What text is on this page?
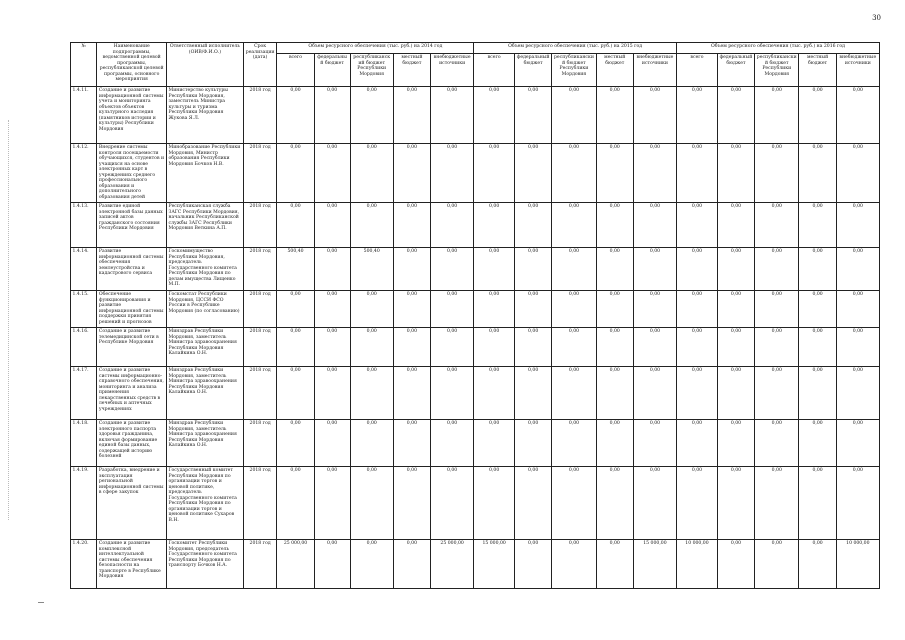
30
№	Наименование подпрограммы, ведомственной целевой программы, республиканской целевой программы, основного мероприятия	Ответственный исполнитель (ОИВ/Ф.И.О.)	Срок реализации (дата)	Объем ресурсного обеспечения (тыс. руб.) на 2014 год					Объем ресурсного обеспечения (тыс. руб.) на 2015 год					Объем ресурсного обеспечения (тыс. руб.) на 2016 год				
				всего	федеральный бюджет	республиканский бюджет Республики Мордовия	местный бюджет	внебюджетные источники	всего	федеральный бюджет	республиканский бюджет Республики Мордовия	местный бюджет	внебюджетные источники	всего	федеральный бюджет	республиканский бюджет Республики Мордовия	местный бюджет	внебюджетные источники
1.4.11.	Создание и развитие информационной системы учета и мониторинга объектов объектов культурного наследия (памятников истории и культуры) Республики Мордовия	Министерство культуры Республики Мордовия, заместитель Министра культуры и туризма Республики Мордовия Жукова Я.Л.	2018 год	0,00	0,00	0,00	0,00	0,00	0,00	0,00	0,00	0,00	0,00	0,00	0,00	0,00	0,00	0,00
1.4.12.	Внедрение системы контроля посещаемости обучающихся, студентов и учащихся на основе электронных карт в учреждениях среднего профессионального образования и дополнительного образования детей	Минобразование Республики Мордовия, Министр образования Республики Мордовия Бочков Н.В.	2018 год	0,00	0,00	0,00	0,00	0,00	0,00	0,00	0,00	0,00	0,00	0,00	0,00	0,00	0,00	0,00
1.4.13.	Развитие единой электронной базы данных записей актов гражданского состояния Республики Мордовия	Республиканская служба ЗАГС Республики Мордовия, начальник Республиканской службы ЗАГС Республики Мордовия Веткина А.П.	2018 год	0,00	0,00	0,00	0,00	0,00	0,00	0,00	0,00	0,00	0,00	0,00	0,00	0,00	0,00	0,00
1.4.14.	Развитие информационной системы обеспечения землеустройства и кадастрового сервиса	Госкомимущество Республики Мордовия, председатель Государственного комитета Республики Мордовия по делам имущества Лищенко М.П.	2018 год	500,40	0,00	500,40	0,00	0,00	0,00	0,00	0,00	0,00	0,00	0,00	0,00	0,00	0,00	0,00
1.4.15.	Обеспечение функционирования и развитие информационной системы поддержки принятия решений и прогнозов	Госкомстат Республики Мордовия, ЦССИ ФСО России в Республике Мордовия (по согласованию)	2018 год	0,00	0,00	0,00	0,00	0,00	0,00	0,00	0,00	0,00	0,00	0,00	0,00	0,00	0,00	0,00
1.4.16.	Создание и развитие телемедицинской сети в Республике Мордовия	Минздрав Республики Мордовия, заместитель Министра здравоохранения Республики Мордовия Калайкина О.Н.	2018 год	0,00	0,00	0,00	0,00	0,00	0,00	0,00	0,00	0,00	0,00	0,00	0,00	0,00	0,00	0,00
1.4.17.	Создание и развитие системы информационно-справочного обеспечения, мониторинга и анализа применения лекарственных средств в лечебных и аптечных учреждениях	Минздрав Республики Мордовия, заместитель Министра здравоохранения Республики Мордовия Калайкина О.Н.	2018 год	0,00	0,00	0,00	0,00	0,00	0,00	0,00	0,00	0,00	0,00	0,00	0,00	0,00	0,00	0,00
1.4.18.	Создание и развитие электронного паспорта здоровья гражданина, включая формирование единой базы данных, содержащей историю болезней	Минздрав Республики Мордовия, заместитель Министра здравоохранения Республики Мордовия Калайкина О.Н.	2018 год	0,00	0,00	0,00	0,00	0,00	0,00	0,00	0,00	0,00	0,00	0,00	0,00	0,00	0,00	0,00
1.4.19.	Разработка, внедрение и эксплуатация региональной информационной системы в сфере закупок	Государственный комитет Республики Мордовия по организации торгов и ценовой политике, председатель Государственного комитета Республики Мордовия по организации торгов и ценовой политике Сухаров В.Н.	2018 год	0,00	0,00	0,00	0,00	0,00	0,00	0,00	0,00	0,00	0,00	0,00	0,00	0,00	0,00	0,00
1.4.20.	Создание и развитие комплексной интеллектуальной системы обеспечения безопасности на транспорте в Республике Мордовия	Госкомитет Республики Мордовия, председатель Государственного комитета Республики Мордовия по транспорту Бочков Н.А.	2018 год	25 000,00	0,00	0,00	0,00	25 000,00	15 000,00	0,00	0,00	0,00	15 000,00	10 000,00	0,00	0,00	0,00	10 000,00
